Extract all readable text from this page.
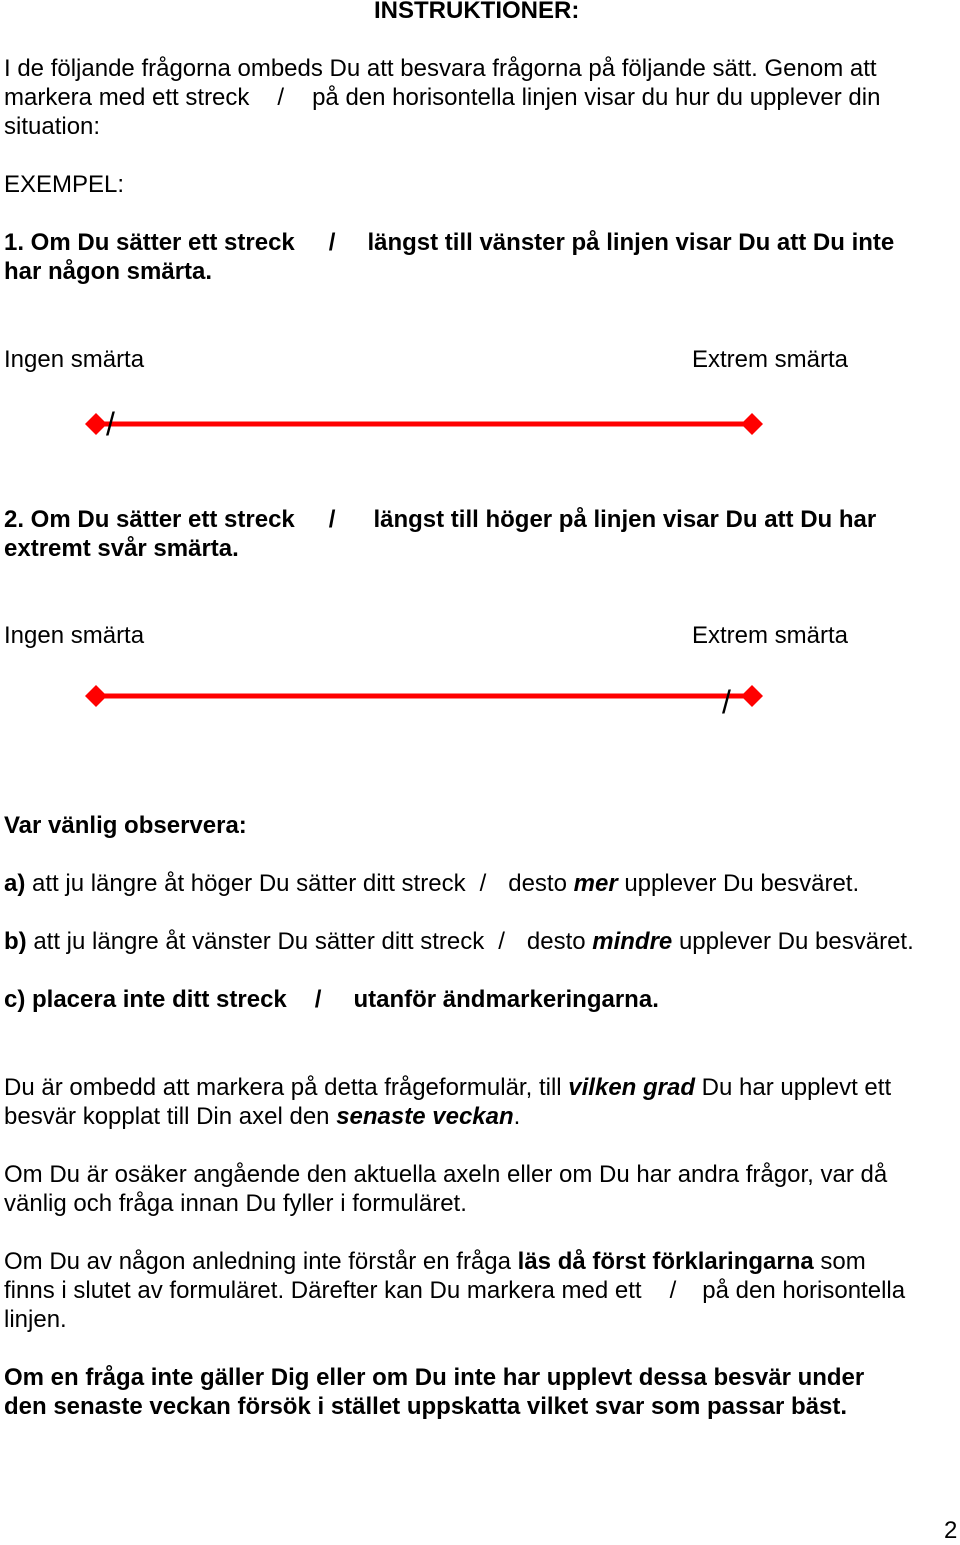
INSTRUKTIONER:
I de följande frågorna ombeds Du att besvara frågorna på följande sätt. Genom att
markera med ett streck / på den horisontella linjen visar du hur du upplever din
situation:
EXEMPEL:
1. Om Du sätter ett streck / längst till vänster på linjen visar Du att Du inte
har någon smärta.
Ingen smärta	Extrem smärta
/
2. Om Du sätter ett streck / längst till höger på linjen visar Du att Du har
extremt svår smärta.
Ingen smärta	Extrem smärta
/
Var vänlig observera:
a) att ju längre åt höger Du sätter ditt streck / desto mer upplever Du besväret.
b) att ju längre åt vänster Du sätter ditt streck / desto mindre upplever Du besväret.
c) placera inte ditt streck / utanför ändmarkeringarna.
Du är ombedd att markera på detta frågeformulär, till vilken grad Du har upplevt ett
besvär kopplat till Din axel den senaste veckan.
Om Du är osäker angående den aktuella axeln eller om Du har andra frågor, var då
vänlig och fråga innan Du fyller i formuläret.
Om Du av någon anledning inte förstår en fråga läs då först förklaringarna som
finns i slutet av formuläret. Därefter kan Du markera med ett / på den horisontella
linjen.
Om en fråga inte gäller Dig eller om Du inte har upplevt dessa besvär under
den senaste veckan försök i stället uppskatta vilket svar som passar bäst.
2
